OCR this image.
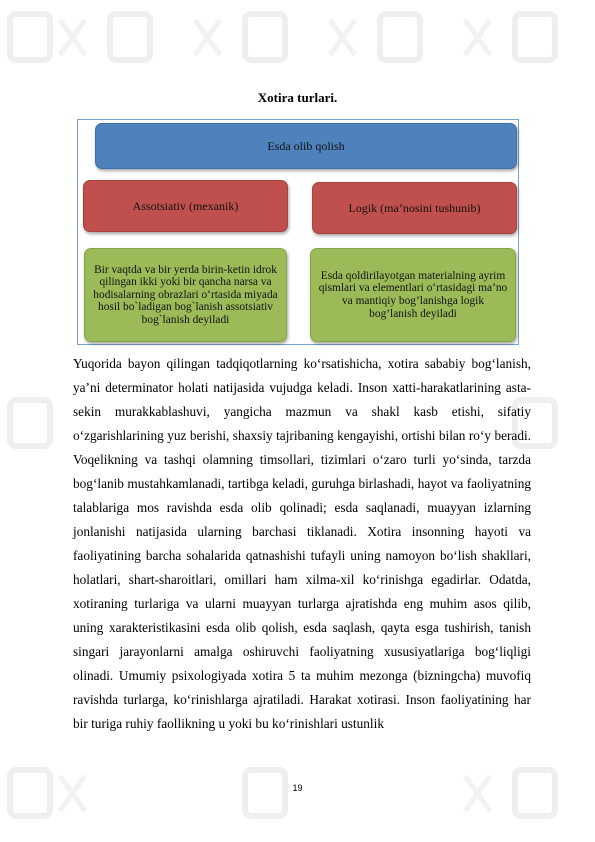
Xotira turlari.
Esda olib qolish
Assotsiativ (mexanik)	Logik (ma’nosini tushunib)
Bir vaqtda va bir yerda birin-ketin idrok qilingan ikki yoki bir qancha narsa va hodisalarning obrazlari o‘rtasida miyada hosil bo`ladigan bog`lanish assotsiativ bog`lanish deyiladi
Esda qoldirilayotgan materialning ayrim qismlari va elementlari o‘rtasidagi ma’no va mantiqiy bog’lanishga logik bog’lanish deyiladi
Yuqorida bayon qilingan tadqiqotlarning ko‘rsatishicha, xotira sababiy bog‘lanish, ya’ni determinator holati natijasida vujudga keladi. Inson xatti-harakatlarining asta-sekin murakkablashuvi, yangicha mazmun va shakl kasb etishi, sifatiy o‘zgarishlarining yuz berishi, shaxsiy tajribaning kengayishi, ortishi bilan ro‘y beradi. Voqelikning va tashqi olamning timsollari, tizimlari o‘zaro turli yo‘sinda, tarzda bog‘lanib mustahkamlanadi, tartibga keladi, guruhga birlashadi, hayot va faoliyatning talablariga mos ravishda esda olib qolinadi; esda saqlanadi, muayyan izlarning jonlanishi natijasida ularning barchasi tiklanadi. Xotira insonning hayoti va faoliyatining barcha sohalarida qatnashishi tufayli uning namoyon bo‘lish shakllari, holatlari, shart-sharoitlari, omillari ham xilma-xil ko‘rinishga egadirlar. Odatda, xotiraning turlariga va ularni muayyan turlarga ajratishda eng muhim asos qilib, uning xarakteristikasini esda olib qolish, esda saqlash, qayta esga tushirish, tanish singari jarayonlarni amalga oshiruvchi faoliyatning xususiyatlariga bog‘liqligi olinadi. Umumiy psixologiyada xotira 5 ta muhim mezonga (bizningcha) muvofiq ravishda turlarga, ko‘rinishlarga ajratiladi. Harakat xotirasi. Inson faoliyatining har bir turiga ruhiy faollikning u yoki bu ko‘rinishlari ustunlik
19
